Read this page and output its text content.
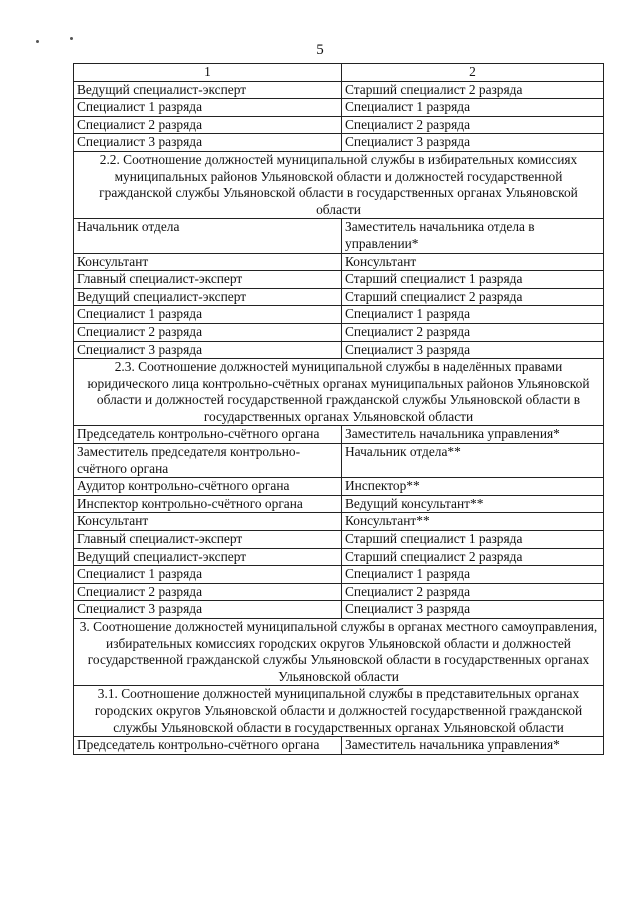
5
1	2
Ведущий специалист-эксперт	Старший специалист 2 разряда
Специалист 1 разряда	Специалист 1 разряда
Специалист 2 разряда	Специалист 2 разряда
Специалист 3 разряда	Специалист 3 разряда
2.2. Соотношение должностей муниципальной службы в избирательных комиссиях муниципальных районов Ульяновской области и должностей государственной гражданской службы Ульяновской области в государственных органах Ульяновской области	
Начальник отдела	Заместитель начальника отдела в управлении*
Консультант	Консультант
Главный специалист-эксперт	Старший специалист 1 разряда
Ведущий специалист-эксперт	Старший специалист 2 разряда
Специалист 1 разряда	Специалист 1 разряда
Специалист 2 разряда	Специалист 2 разряда
Специалист 3 разряда	Специалист 3 разряда
2.3. Соотношение должностей муниципальной службы в наделённых правами юридического лица контрольно-счётных органах муниципальных районов Ульяновской области и должностей государственной гражданской службы Ульяновской области в государственных органах Ульяновской области	
Председатель контрольно-счётного органа	Заместитель начальника управления*
Заместитель председателя контрольно-счётного органа	Начальник отдела**
Аудитор контрольно-счётного органа	Инспектор**
Инспектор контрольно-счётного органа	Ведущий консультант**
Консультант	Консультант**
Главный специалист-эксперт	Старший специалист 1 разряда
Ведущий специалист-эксперт	Старший специалист 2 разряда
Специалист 1 разряда	Специалист 1 разряда
Специалист 2 разряда	Специалист 2 разряда
Специалист 3 разряда	Специалист 3 разряда
3. Соотношение должностей муниципальной службы в органах местного самоуправления, избирательных комиссиях городских округов Ульяновской области и должностей государственной гражданской службы Ульяновской области в государственных органах Ульяновской области	
3.1. Соотношение должностей муниципальной службы в представительных органах городских округов Ульяновской области и должностей государственной гражданской службы Ульяновской области в государственных органах Ульяновской области	
Председатель контрольно-счётного органа	Заместитель начальника управления*
